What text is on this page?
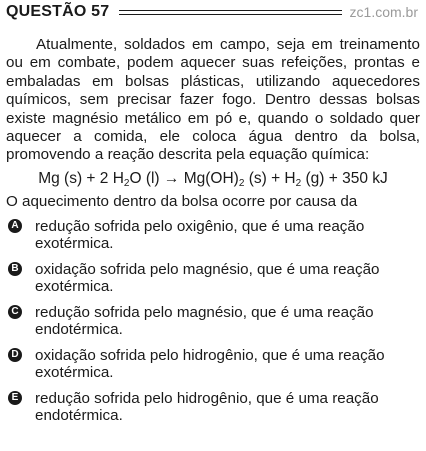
QUESTÃO 57	zc1.com.br
Atualmente, soldados em campo, seja em treinamento ou em combate, podem aquecer suas refeições, prontas e embaladas em bolsas plásticas, utilizando aquecedores químicos, sem precisar fazer fogo. Dentro dessas bolsas existe magnésio metálico em pó e, quando o soldado quer aquecer a comida, ele coloca água dentro da bolsa, promovendo a reação descrita pela equação química:
Mg (s) + 2 $H_2O$ $(l) \to Mg(OH)_2$ $(s) + H_2$ (g) + 350 kJ
O aquecimento dentro da bolsa ocorre por causa da
A redução sofrida pelo oxigênio, que é uma reação
exotérmica.
B oxidação sofrida pelo magnésio, que é uma reação
exotérmica.
C redução sofrida pelo magnésio, que é uma reação
endotérmica.
D oxidação sofrida pelo hidrogênio, que é uma reação
exotérmica.
E redução sofrida pelo hidrogênio, que é uma reação
endotérmica.
